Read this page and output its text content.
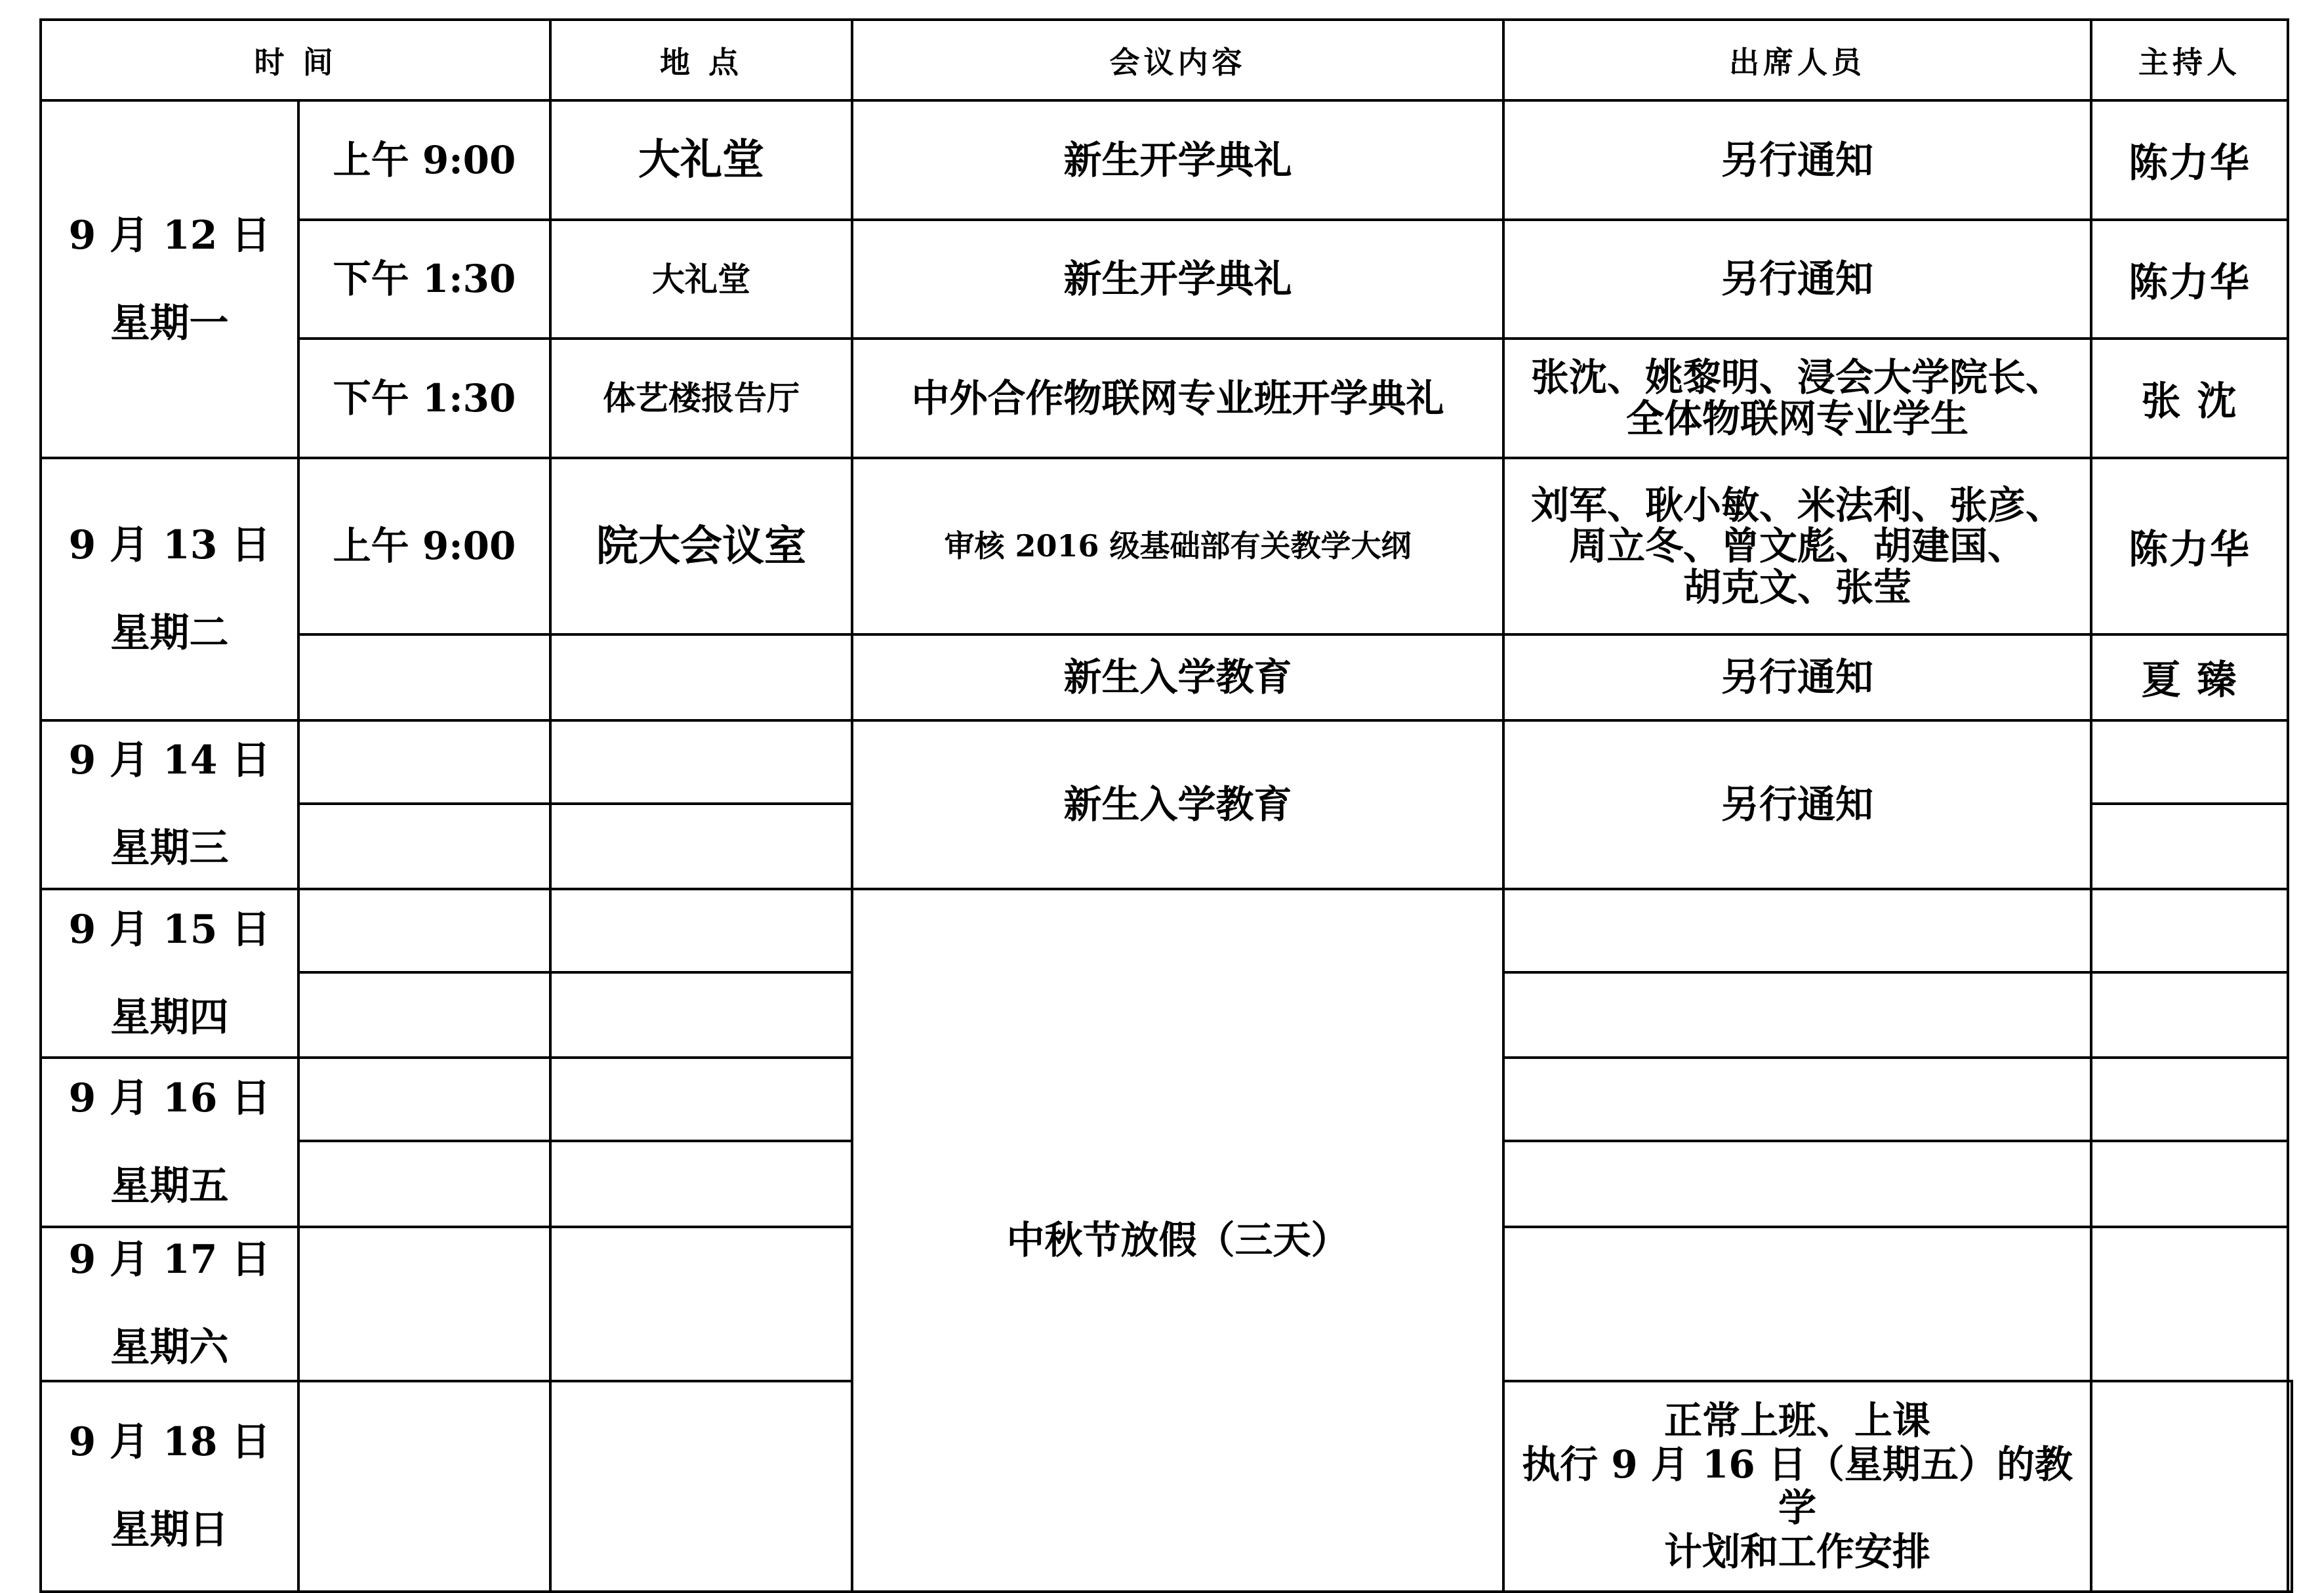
时 间		地 点	会议内容	出席人员	主持人	

9 月 12 日
星期一	上午 9:00	大礼堂	新生开学典礼	另行通知	陈力华	
	下午 1:30	大礼堂	新生开学典礼	另行通知	陈力华	
	下午 1:30	体艺楼报告厅	中外合作物联网专业班开学典礼	张沈、姚黎明、浸会大学院长、
全体物联网专业学生	张 沈	

9 月 13 日
星期二	上午 9:00	院大会议室	审核 2016 级基础部有关教学大纲	刘军、耿小敏、米法利、张彦、
周立冬、曾文彪、胡建国、
胡克文、张莹	陈力华	
			新生入学教育	另行通知	夏 臻	

9 月 14 日
星期三			新生入学教育	另行通知		

9 月 15 日
星期四			中秋节放假（三天）			

9 月 16 日
星期五						

9 月 17 日
星期六						

9 月 18 日
星期日				正常上班、上课
执行 9 月 16 日（星期五）的教学
计划和工作安排		
